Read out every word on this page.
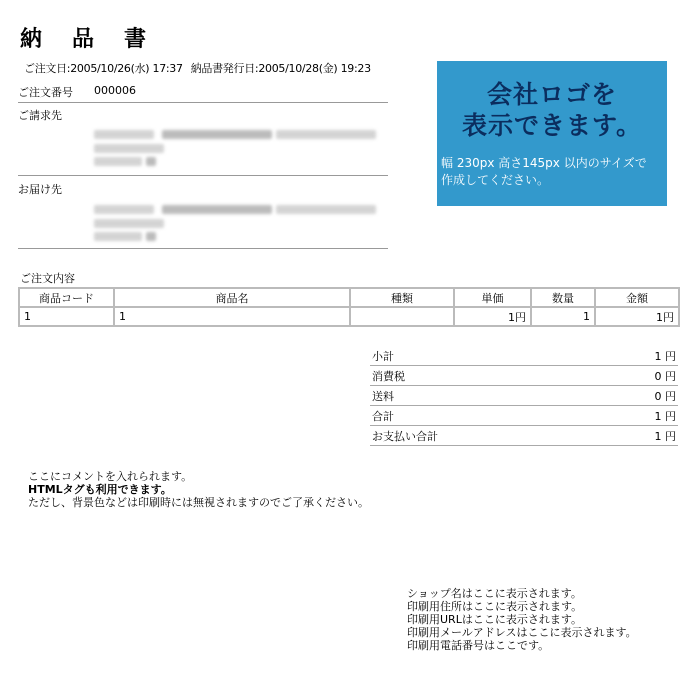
納 品 書
ご注文日:2005/10/26(水) 17:37 納品書発行日:2005/10/28(金) 19:23
ご注文番号 000006
ご請求先
お届け先
会社ロゴを
表示できます。
幅 230px 高さ145px 以内のサイズで
作成してください。
ご注文内容
商品コード	商品名	種類	単価	数量	金額
1	1		1円	1	1円
小計	1 円
消費税	0 円
送料	0 円
合計	1 円
お支払い合計	1 円
ここにコメントを入れられます。
HTMLタグも利用できます。
ただし、背景色などは印刷時には無視されますのでご了承ください。
ショップ名はここに表示されます。
印刷用住所はここに表示されます。
印刷用URLはここに表示されます。
印刷用メールアドレスはここに表示されます。
印刷用電話番号はここです。
